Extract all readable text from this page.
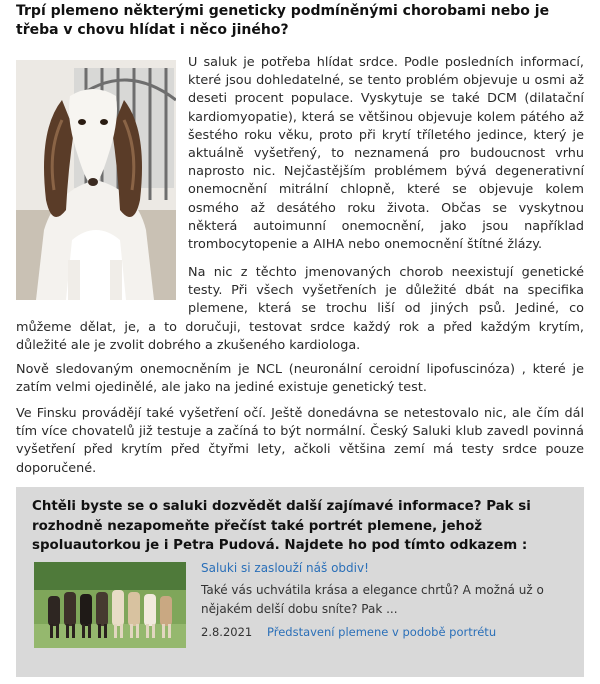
Trpí plemeno některými geneticky podmíněnými chorobami nebo je třeba v chovu hlídat i něco jiného?

U saluk je potřeba hlídat srdce. Podle posledních informací, které jsou dohledatelné, se tento problém objevuje u osmi až deseti procent populace. Vyskytuje se také DCM (dilatační kardiomyopatie), která se většinou objevuje kolem pátého až šestého roku věku, proto při krytí tříletého jedince, který je aktuálně vyšetřený, to neznamená pro budoucnost vrhu naprosto nic. Nejčastějším problémem bývá degenerativní onemocnění mitrální chlopně, které se objevuje kolem osmého až desátého roku života. Občas se vyskytnou některá autoimunní onemocnění, jako jsou například trombocytopenie a AIHA nebo onemocnění štítné žlázy.

Na nic z těchto jmenovaných chorob neexistují genetické testy. Při všech vyšetřeních je důležité dbát na specifika plemene, která se trochu liší od jiných psů. Jediné, co můžeme dělat, je, a to doručuji, testovat srdce každý rok a před každým krytím, důležité ale je zvolit dobrého a zkušeného kardiologa.

Nově sledovaným onemocněním je NCL (neuronální ceroidní lipofuscinóza) , které je zatím velmi ojedinělé, ale jako na jediné existuje genetický test.

Ve Finsku provádějí také vyšetření očí. Ještě donedávna se netestovalo nic, ale čím dál tím více chovatelů již testuje a začíná to být normální. Český Saluki klub zavedl povinná vyšetření před krytím před čtyřmi lety, ačkoli většina zemí má testy srdce pouze doporučené.

Chtěli byste se o saluki dozvědět další zajímavé informace? Pak si rozhodně nezapomeňte přečíst také portrét plemene, jehož spoluautorkou je i Petra Pudová. Najdete ho pod tímto odkazem :

Saluki si zaslouží náš obdiv!
Také vás uchvátila krása a elegance chrtů? A možná už o nějakém delší dobu sníte? Pak ...
2.8.2021 Představení plemene v podobě portrétu
